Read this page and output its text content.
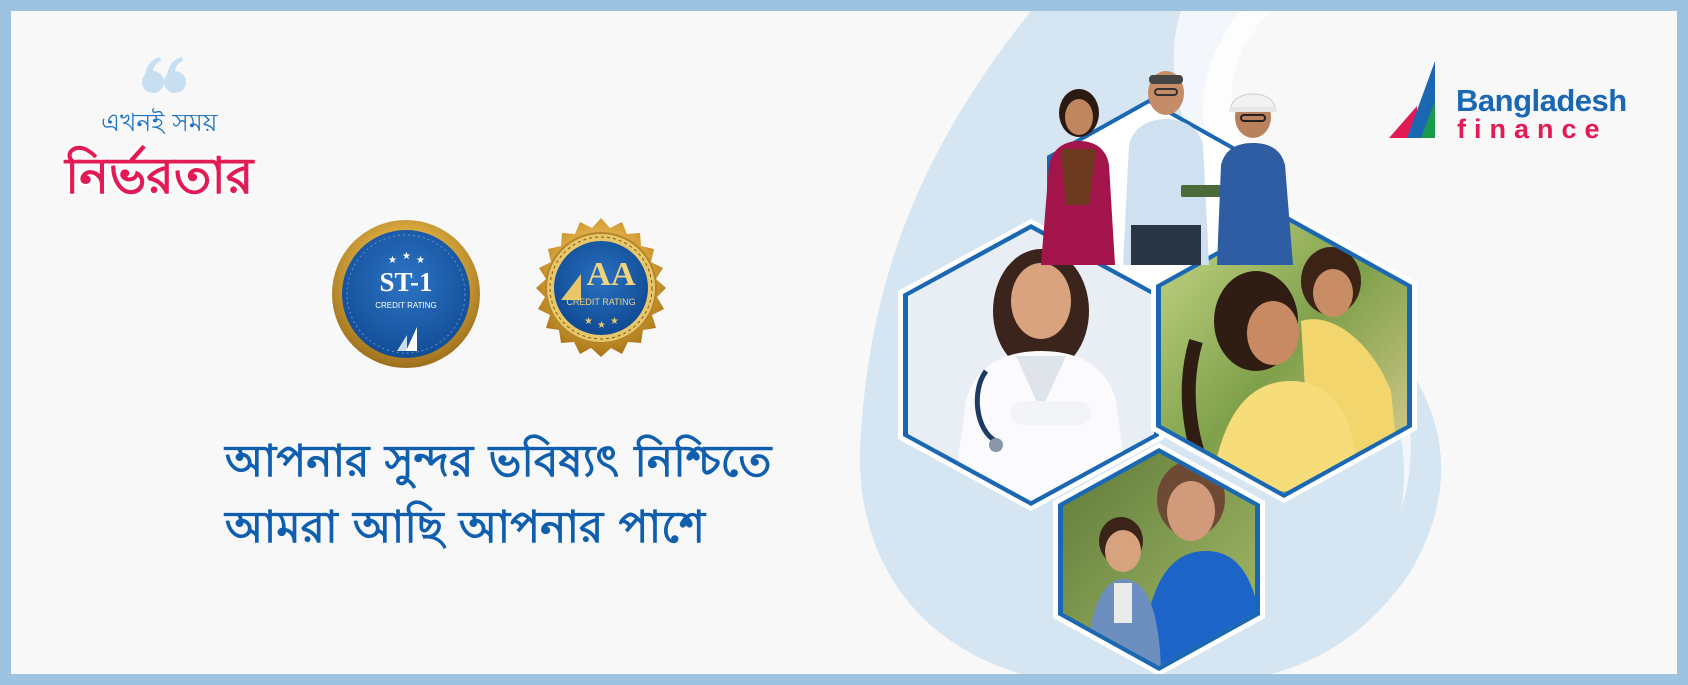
এখনই সময়
নির্ভরতার
★ ★ ★
ST-1
CREDIT RATING
★ ★ ★
AA
CREDIT RATING
আপনার সুন্দর ভবিষ্যৎ নিশ্চিতে
আমরা আছি আপনার পাশে
Bangladesh
finance
